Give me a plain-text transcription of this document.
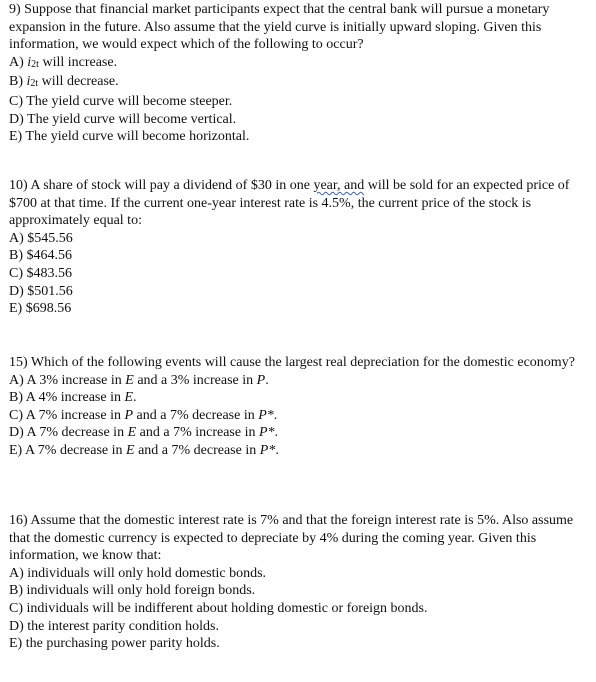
9) Suppose that financial market participants expect that the central bank will pursue a monetary expansion in the future. Also assume that the yield curve is initially upward sloping. Given this information, we would expect which of the following to occur?
A) i2t will increase.
B) i2t will decrease.
C) The yield curve will become steeper.
D) The yield curve will become vertical.
E) The yield curve will become horizontal.
10) A share of stock will pay a dividend of $30 in one year, and will be sold for an expected price of $700 at that time. If the current one-year interest rate is 4.5%, the current price of the stock is approximately equal to:
A) $545.56
B) $464.56
C) $483.56
D) $501.56
E) $698.56
15) Which of the following events will cause the largest real depreciation for the domestic economy?
A) A 3% increase in E and a 3% increase in P.
B) A 4% increase in E.
C) A 7% increase in P and a 7% decrease in P*.
D) A 7% decrease in E and a 7% increase in P*.
E) A 7% decrease in E and a 7% decrease in P*.
16) Assume that the domestic interest rate is 7% and that the foreign interest rate is 5%. Also assume that the domestic currency is expected to depreciate by 4% during the coming year. Given this information, we know that:
A) individuals will only hold domestic bonds.
B) individuals will only hold foreign bonds.
C) individuals will be indifferent about holding domestic or foreign bonds.
D) the interest parity condition holds.
E) the purchasing power parity holds.
